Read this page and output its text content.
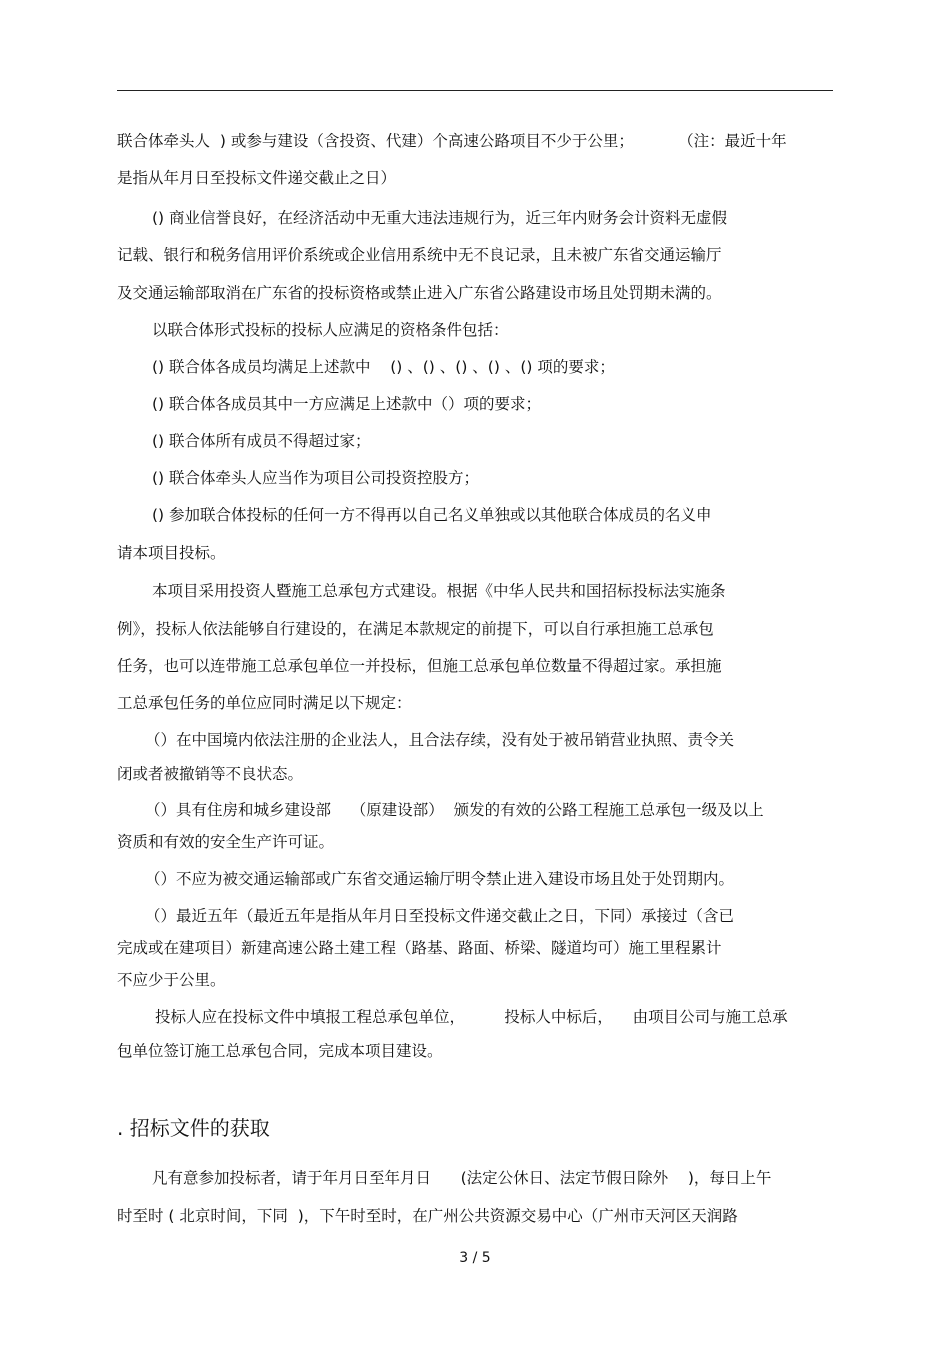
联合体牵头人  ) 或参与建设（含投资、代建）个高速公路项目不少于公里；         （注：最近十年
是指从年月日至投标文件递交截止之日）
() 商业信誉良好，在经济活动中无重大违法违规行为，近三年内财务会计资料无虚假
记载、银行和税务信用评价系统或企业信用系统中无不良记录，且未被广东省交通运输厅
及交通运输部取消在广东省的投标资格或禁止进入广东省公路建设市场且处罚期未满的。
以联合体形式投标的投标人应满足的资格条件包括：
() 联合体各成员均满足上述款中    () 、() 、() 、() 、() 项的要求；
() 联合体各成员其中一方应满足上述款中（）项的要求；
() 联合体所有成员不得超过家；
() 联合体牵头人应当作为项目公司投资控股方；
() 参加联合体投标的任何一方不得再以自己名义单独或以其他联合体成员的名义申
请本项目投标。
本项目采用投资人暨施工总承包方式建设。根据《中华人民共和国招标投标法实施条
例》，投标人依法能够自行建设的，在满足本款规定的前提下，可以自行承担施工总承包
任务，也可以连带施工总承包单位一并投标，但施工总承包单位数量不得超过家。承担施
工总承包任务的单位应同时满足以下规定：
（）在中国境内依法注册的企业法人，且合法存续，没有处于被吊销营业执照、责令关
闭或者被撤销等不良状态。
（）具有住房和城乡建设部    （原建设部）  颁发的有效的公路工程施工总承包一级及以上
资质和有效的安全生产许可证。
（）不应为被交通运输部或广东省交通运输厅明令禁止进入建设市场且处于处罚期内。
（）最近五年（最近五年是指从年月日至投标文件递交截止之日，下同）承接过（含已
完成或在建项目）新建高速公路土建工程（路基、路面、桥梁、隧道均可）施工里程累计
不应少于公里。
投标人应在投标文件中填报工程总承包单位，        投标人中标后，    由项目公司与施工总承
包单位签订施工总承包合同，完成本项目建设。
. 招标文件的获取
凡有意参加投标者，请于年月日至年月日      (法定公休日、法定节假日除外    )，每日上午
时至时 ( 北京时间，下同  )，下午时至时，在广州公共资源交易中心（广州市天河区天润路
3 / 5
